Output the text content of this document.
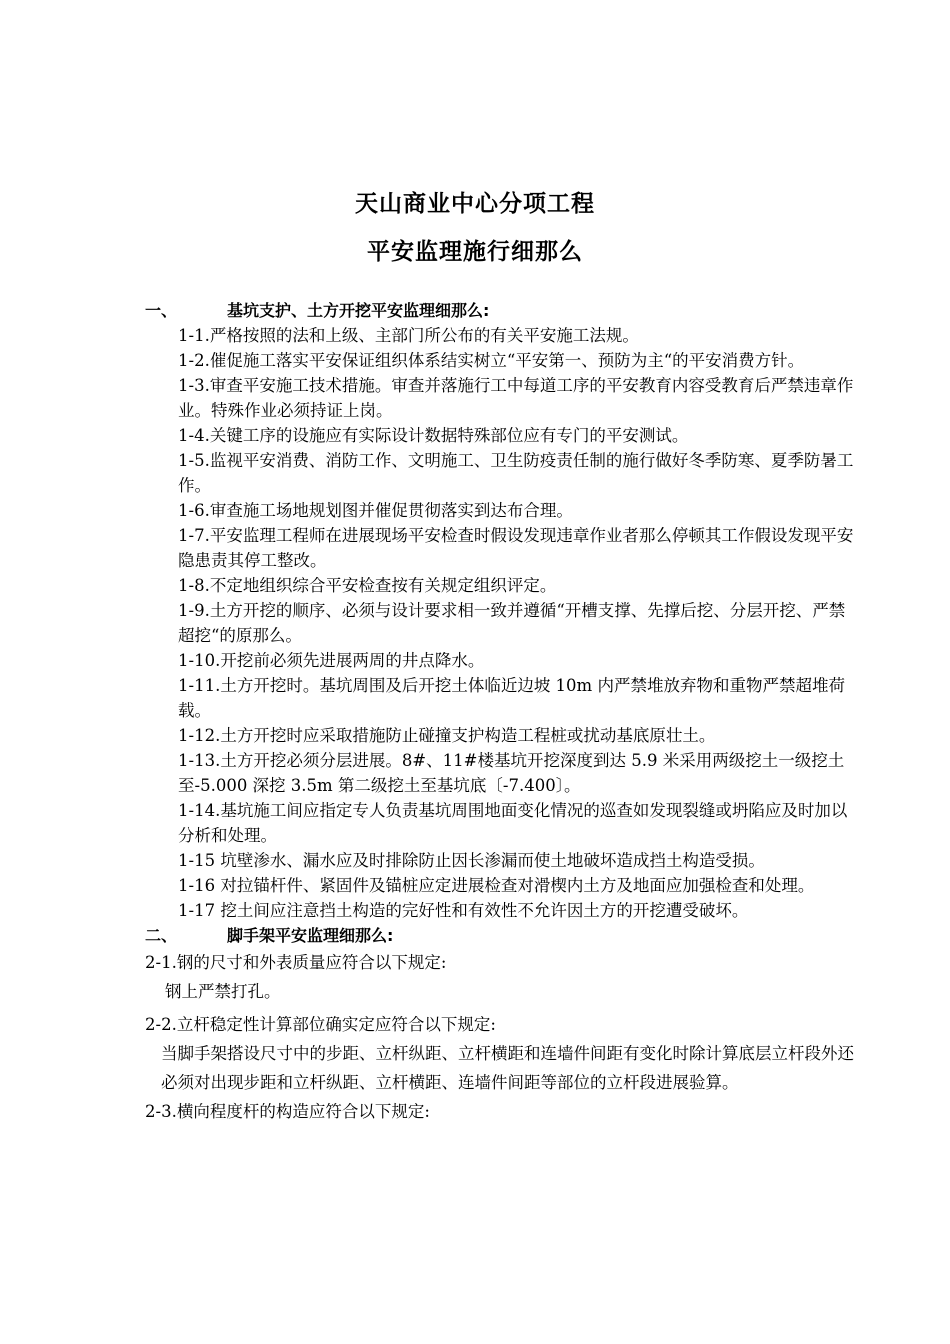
天山商业中心分项工程
平安监理施行细那么
一、	基坑支护、土方开挖平安监理细那么:

1-1.严格按照的法和上级、主部门所公布的有关平安施工法规。

1-2.催促施工落实平安保证组织体系结实树立“平安第一、预防为主“的平安消费方针。

1-3.审查平安施工技术措施。审查并落施行工中每道工序的平安教育内容受教育后严禁违章作业。特殊作业必须持证上岗。

1-4.关键工序的设施应有实际设计数据特殊部位应有专门的平安测试。

1-5.监视平安消费、消防工作、文明施工、卫生防疫责任制的施行做好冬季防寒、夏季防暑工作。

1-6.审查施工场地规划图并催促贯彻落实到达布合理。

1-7.平安监理工程师在进展现场平安检查时假设发现违章作业者那么停顿其工作假设发现平安隐患责其停工整改。

1-8.不定地组织综合平安检查按有关规定组织评定。

1-9.土方开挖的顺序、必须与设计要求相一致并遵循“开槽支撑、先撑后挖、分层开挖、严禁超挖“的原那么。

1-10.开挖前必须先进展两周的井点降水。

1-11.土方开挖时。基坑周围及后开挖土体临近边坡 10m 内严禁堆放弃物和重物严禁超堆荷载。

1-12.土方开挖时应采取措施防止碰撞支护构造工程桩或扰动基底原壮土。

1-13.土方开挖必须分层进展。8#、11#楼基坑开挖深度到达 5.9 米采用两级挖土一级挖土至-5.000 深挖 3.5m 第二级挖土至基坑底〔-7.400〕。

1-14.基坑施工间应指定专人负责基坑周围地面变化情况的巡查如发现裂缝或坍陷应及时加以分析和处理。

1-15 坑壁渗水、漏水应及时排除防止因长渗漏而使土地破坏造成挡土构造受损。

1-16 对拉锚杆件、紧固件及锚桩应定进展检查对滑楔内土方及地面应加强检查和处理。

1-17 挖土间应注意挡土构造的完好性和有效性不允许因土方的开挖遭受破坏。

二、	脚手架平安监理细那么:

2-1.钢的尺寸和外表质量应符合以下规定:

钢上严禁打孔。

2-2.立杆稳定性计算部位确实定应符合以下规定:

当脚手架搭设尺寸中的步距、立杆纵距、立杆横距和连墙件间距有变化时除计算底层立杆段外还必须对出现步距和立杆纵距、立杆横距、连墙件间距等部位的立杆段进展验算。

2-3.横向程度杆的构造应符合以下规定:
